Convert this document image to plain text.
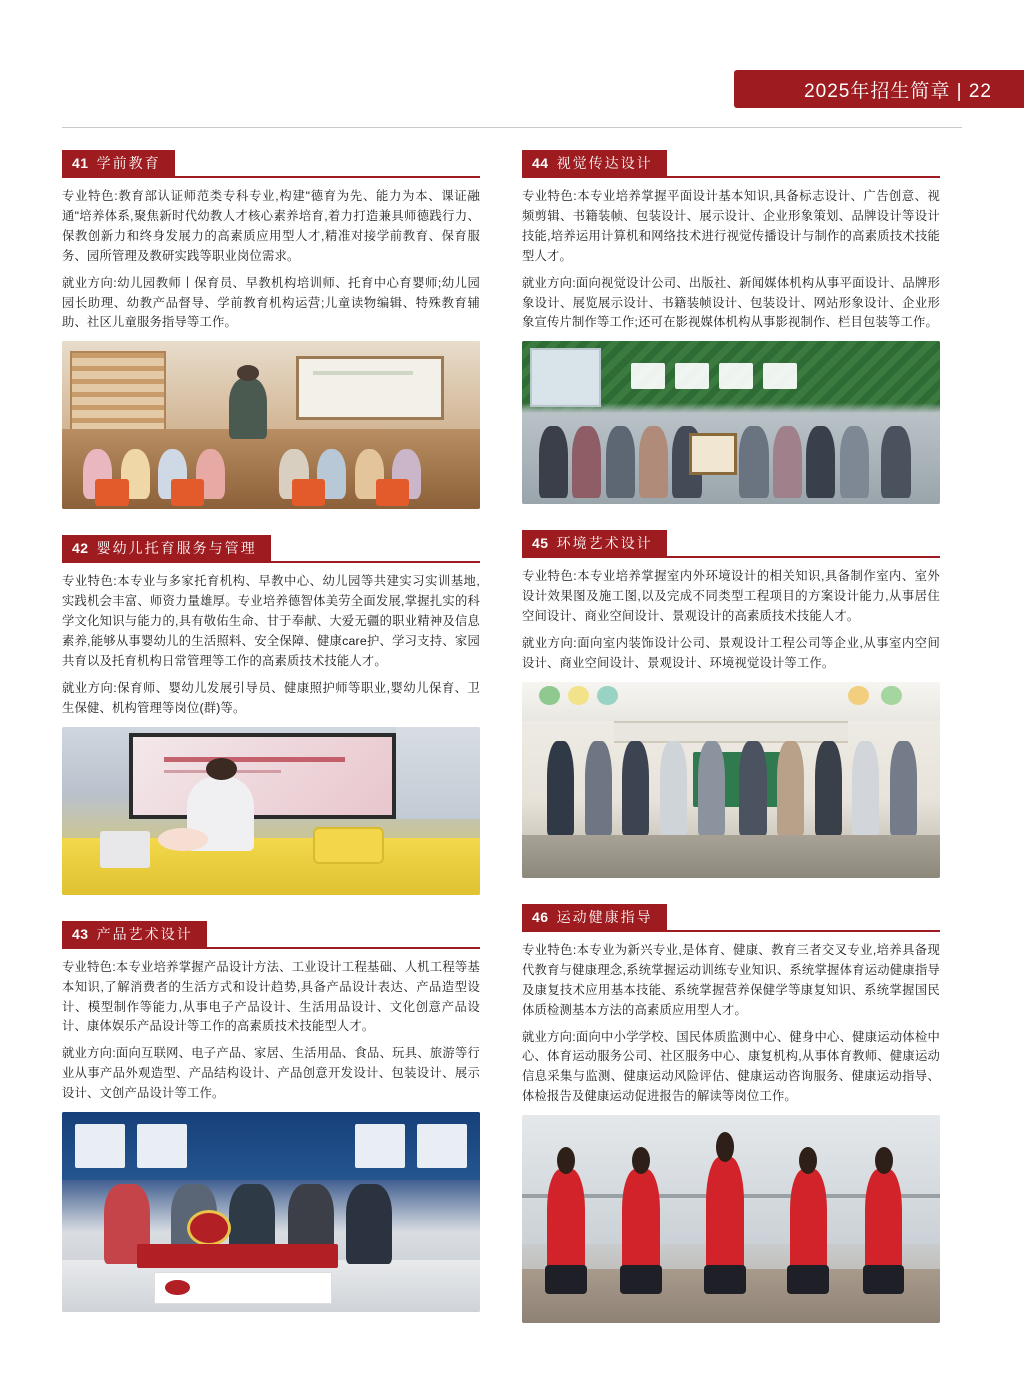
2025年招生简章 | 22
41 学前教育

专业特色:教育部认证师范类专科专业,构建"德育为先、能力为本、课证融通"培养体系,聚焦新时代幼教人才核心素养培育,着力打造兼具师德践行力、保教创新力和终身发展力的高素质应用型人才,精准对接学前教育、保育服务、园所管理及教研实践等职业岗位需求。

就业方向:幼儿园教师丨保育员、早教机构培训师、托育中心育婴师;幼儿园园长助理、幼教产品督导、学前教育机构运营;儿童读物编辑、特殊教育辅助、社区儿童服务指导等工作。

42 婴幼儿托育服务与管理

专业特色:本专业与多家托育机构、早教中心、幼儿园等共建实习实训基地,实践机会丰富、师资力量雄厚。专业培养德智体美劳全面发展,掌握扎实的科学文化知识与能力的,具有敬佑生命、甘于奉献、大爱无疆的职业精神及信息素养,能够从事婴幼儿的生活照料、安全保障、健康care护、学习支持、家园共育以及托育机构日常管理等工作的高素质技术技能人才。

就业方向:保育师、婴幼儿发展引导员、健康照护师等职业,婴幼儿保育、卫生保健、机构管理等岗位(群)等。

43 产品艺术设计

专业特色:本专业培养掌握产品设计方法、工业设计工程基础、人机工程等基本知识,了解消费者的生活方式和设计趋势,具备产品设计表达、产品造型设计、模型制作等能力,从事电子产品设计、生活用品设计、文化创意产品设计、康体娱乐产品设计等工作的高素质技术技能型人才。

就业方向:面向互联网、电子产品、家居、生活用品、食品、玩具、旅游等行业从事产品外观造型、产品结构设计、产品创意开发设计、包装设计、展示设计、文创产品设计等工作。

44 视觉传达设计

专业特色:本专业培养掌握平面设计基本知识,具备标志设计、广告创意、视频剪辑、书籍装帧、包装设计、展示设计、企业形象策划、品牌设计等设计技能,培养运用计算机和网络技术进行视觉传播设计与制作的高素质技术技能型人才。

就业方向:面向视觉设计公司、出版社、新闻媒体机构从事平面设计、品牌形象设计、展览展示设计、书籍装帧设计、包装设计、网站形象设计、企业形象宣传片制作等工作;还可在影视媒体机构从事影视制作、栏目包装等工作。

45 环境艺术设计

专业特色:本专业培养掌握室内外环境设计的相关知识,具备制作室内、室外设计效果图及施工图,以及完成不同类型工程项目的方案设计能力,从事居住空间设计、商业空间设计、景观设计的高素质技术技能人才。

就业方向:面向室内装饰设计公司、景观设计工程公司等企业,从事室内空间设计、商业空间设计、景观设计、环境视觉设计等工作。

46 运动健康指导

专业特色:本专业为新兴专业,是体育、健康、教育三者交叉专业,培养具备现代教育与健康理念,系统掌握运动训练专业知识、系统掌握体育运动健康指导及康复技术应用基本技能、系统掌握营养保健学等康复知识、系统掌握国民体质检测基本方法的高素质应用型人才。

就业方向:面向中小学学校、国民体质监测中心、健身中心、健康运动体检中心、体育运动服务公司、社区服务中心、康复机构,从事体育教师、健康运动信息采集与监测、健康运动风险评估、健康运动咨询服务、健康运动指导、体检报告及健康运动促进报告的解读等岗位工作。
